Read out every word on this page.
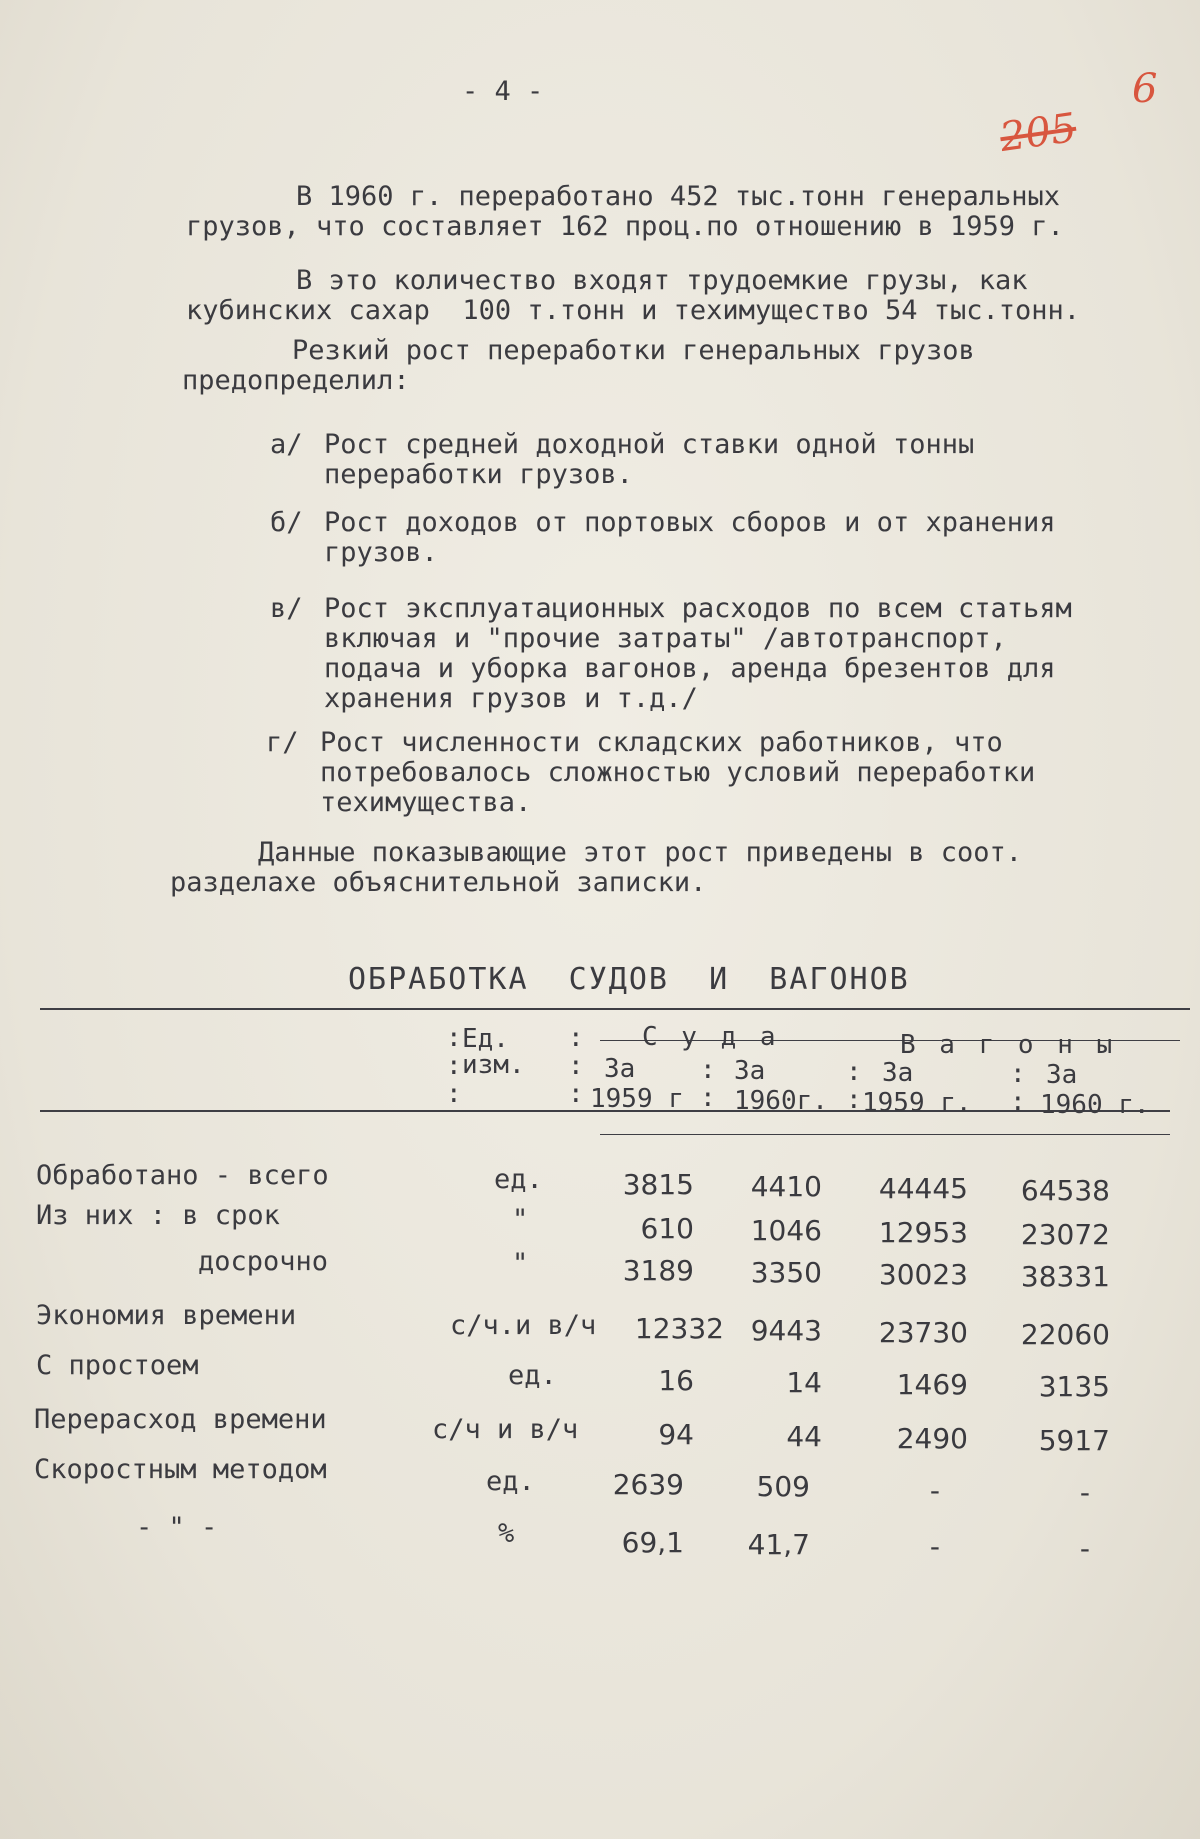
- 4 -
205
6
В 1960 г. переработано 452 тыс.тонн генеральных
грузов, что составляет 162 проц.по отношению в 1959 г.
В это количество входят трудоемкие грузы, как
кубинских сахар  100 т.тонн и техимущество 54 тыс.тонн.
Резкий рост переработки генеральных грузов
предопределил:
а/ Рост средней доходной ставки одной тонны
переработки грузов.
б/ Рост доходов от портовых сборов и от хранения
грузов.
в/ Рост эксплуатационных расходов по всем статьям
включая и "прочие затраты" /автотранспорт,
подача и уборка вагонов, аренда брезентов для
хранения грузов и т.д./
г/ Рост численности складских работников, что
потребовалось сложностью условий переработки
техимущества.
Данные показывающие этот рост приведены в соот.
разделахе объяснительной записки.
ОБРАБОТКА  СУДОВ  И  ВАГОНОВ
Ед.
изм.
С у д а	В а г о н ы
За	За	За	За
1959 г 1960г. 1959 г.	1960 г.
:
:
:
:
:
:
:
:
:
:
:
:
Обработано - всего	ед.	3815	4410	44445	64538
Из них : в срок	"	610	1046	12953	23072
досрочно	"	3189	3350	30023	38331
Экономия времени	с/ч.и в/ч	12332 9443	23730	22060
С простоем	ед.	16	14	1469	3135
Перерасход времени	с/ч и в/ч	94	44	2490	5917
Скоростным методом	ед.	2639	509	-	-
- " -	%	69,1	41,7	-	-
